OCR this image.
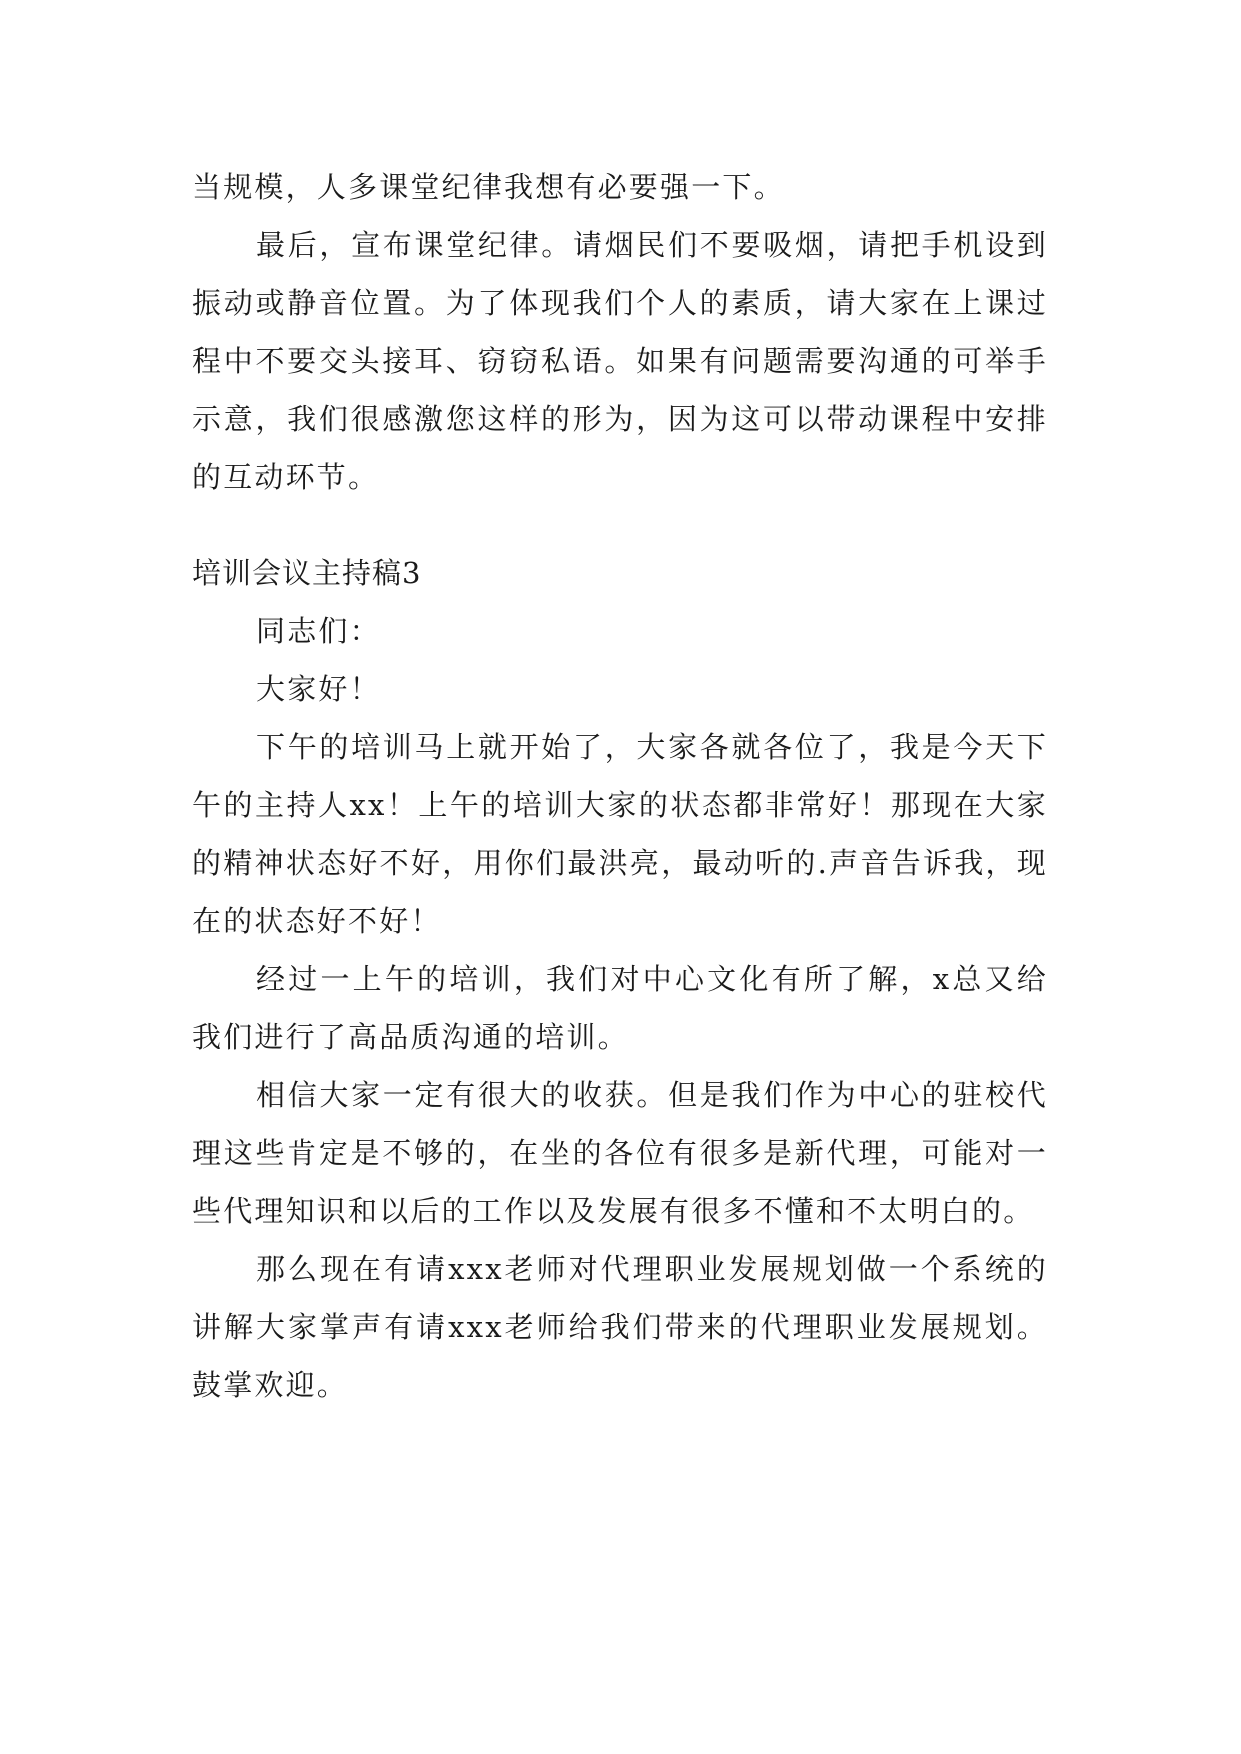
当规模，人多课堂纪律我想有必要强一下。

最后，宣布课堂纪律。请烟民们不要吸烟，请把手机设到振动或静音位置。为了体现我们个人的素质，请大家在上课过程中不要交头接耳、窃窃私语。如果有问题需要沟通的可举手示意，我们很感激您这样的形为，因为这可以带动课程中安排的互动环节。

培训会议主持稿3

同志们：

大家好！

下午的培训马上就开始了，大家各就各位了，我是今天下午的主持人xx！上午的培训大家的状态都非常好！那现在大家的精神状态好不好，用你们最洪亮，最动听的.声音告诉我，现在的状态好不好！

经过一上午的培训，我们对中心文化有所了解，x总又给我们进行了高品质沟通的培训。

相信大家一定有很大的收获。但是我们作为中心的驻校代理这些肯定是不够的，在坐的各位有很多是新代理，可能对一些代理知识和以后的工作以及发展有很多不懂和不太明白的。

那么现在有请xxx老师对代理职业发展规划做一个系统的讲解大家掌声有请xxx老师给我们带来的代理职业发展规划。鼓掌欢迎。
